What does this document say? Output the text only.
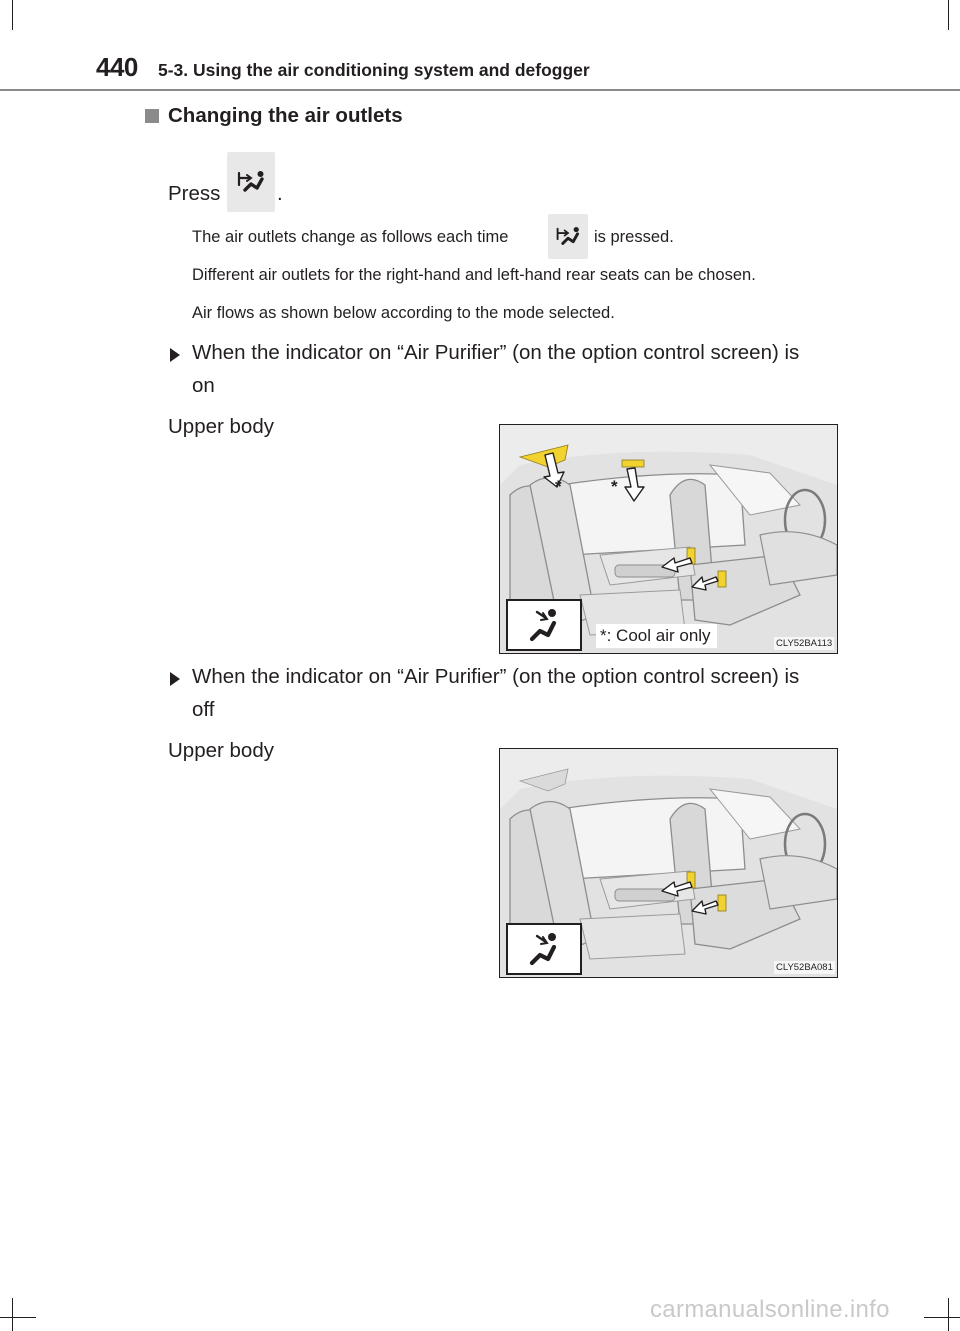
440 5-3. Using the air conditioning system and defogger
Changing the air outlets
Press	.
The air outlets change as follows each time	is pressed.
Different air outlets for the right-hand and left-hand rear seats can be chosen.
Air flows as shown below according to the mode selected.
When the indicator on “Air Purifier” (on the option control screen) is
on
Upper body
*	*
*: Cool air only	CLY52BA113
When the indicator on “Air Purifier” (on the option control screen) is
off
Upper body
CLY52BA081
carmanualsonline.info
